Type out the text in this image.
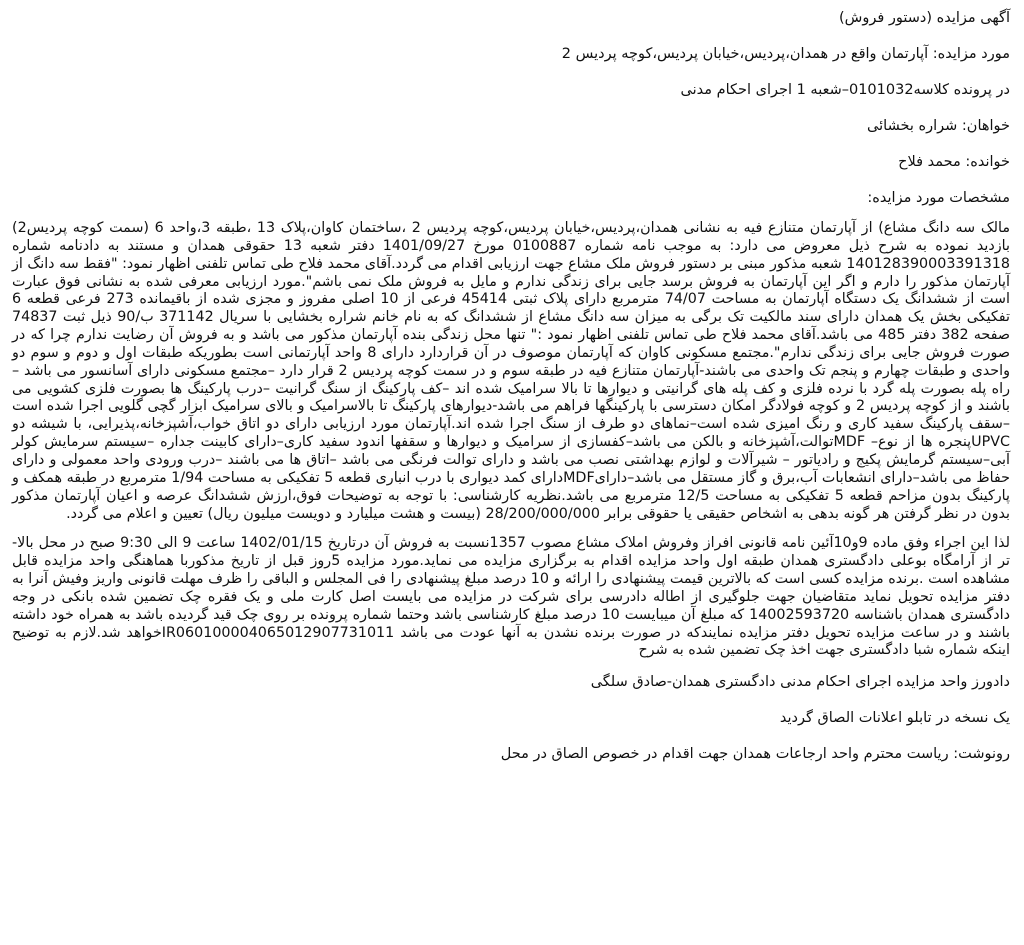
آگهی مزایده (دستور فروش)

مورد مزایده: آپارتمان واقع در همدان،پردیس،خیابان پردیس،کوچه پردیس 2

در پرونده کلاسه0101032–شعبه 1 اجرای احکام مدنی

خواهان: شراره بخشائی

خوانده: محمد فلاح

مشخصات مورد مزایده:

مالک سه دانگ مشاع) از آپارتمان متنازع فیه به نشانی همدان،پردیس،خیابان پردیس،کوچه پردیس 2 ،ساختمان کاوان،پلاک 13 ،طبقه 3،واحد 6 (سمت کوچه پردیس2) بازدید نموده به شرح ذیل معروض می دارد: به موجب نامه شماره 0100887 مورخ 1401/09/27 دفتر شعبه 13 حقوقی همدان و مستند به دادنامه شماره 140128390003391318 شعبه مذکور مبنی بر دستور فروش ملک مشاع جهت ارزیابی اقدام می گردد.آقای محمد فلاح طی تماس تلفنی اظهار نمود: "فقط سه دانگ از آپارتمان مذکور را دارم و اگر این آپارتمان به فروش برسد جایی برای زندگی ندارم و مایل به فروش ملک نمی باشم".مورد ارزیابی معرفی شده به نشانی فوق عبارت است از ششدانگ یک دستگاه آپارتمان به مساحت 74/07 مترمربع دارای پلاک ثبتی 45414 فرعی از 10 اصلی مفروز و مجزی شده از باقیمانده 273 فرعی قطعه 6 تفکیکی بخش یک همدان دارای سند مالکیت تک برگی به میزان سه دانگ مشاع از ششدانگ که به نام خانم شراره بخشایی با سریال 371142 ب/90 ذیل ثبت 74837 صفحه 382 دفتر 485 می باشد.آقای محمد فلاح طی تماس تلفنی اظهار نمود :" تنها محل زندگی بنده آپارتمان مذکور می باشد و به فروش آن رضایت ندارم چرا که در صورت فروش جایی برای زندگی ندارم".مجتمع مسکونی کاوان که آپارتمان موصوف در آن قراردارد دارای 8 واحد آپارتمانی است بطوریکه طبقات اول و دوم و سوم دو واحدی و طبقات چهارم و پنجم تک واحدی می باشند-آپارتمان متنازع فیه در طبقه سوم و در سمت کوچه پردیس 2 قرار دارد –مجتمع مسکونی دارای آسانسور می باشد –راه پله بصورت پله گرد با نرده فلزی و کف پله های گرانیتی و دیوارها تا بالا سرامیک شده اند –کف پارکینگ از سنگ گرانیت –درب پارکینگ ها بصورت فلزی کشویی می باشند و از کوچه پردیس 2 و کوچه فولادگر امکان دسترسی با پارکینگها فراهم می باشد-دیوارهای پارکینگ تا بالاسرامیک و بالای سرامیک ابزار گچی گلویی اجرا شده است –سقف پارکینگ سفید کاری و رنگ امیزی شده است–نماهای دو طرف از سنگ اجرا شده اند.آپارتمان مورد ارزیابی دارای دو اتاق خواب،آشپزخانه،پذیرایی، با شیشه دو UPVCپنجره ها از نوع– MDFتوالت،آشپزخانه و بالکن می باشد–کفسازی از سرامیک و دیوارها و سقفها اندود سفید کاری–دارای کابینت جداره –سیستم سرمایش کولر آبی–سیستم گرمایش پکیج و رادیاتور – شیرآلات و لوازم بهداشتی نصب می باشد و دارای توالت فرنگی می باشد –اتاق ها می باشند –درب ورودی واحد معمولی و دارای حفاظ می باشد–دارای انشعابات آب،برق و گاز مستقل می باشد–دارایMDFدارای کمد دیواری با درب انباری قطعه 5 تفکیکی به مساحت 1/94 مترمربع در طبقه همکف و پارکینگ بدون مزاحم قطعه 5 تفکیکی به مساحت 12/5 مترمربع می باشد.نظریه کارشناسی: با توجه به توضیحات فوق،ارزش ششدانگ عرصه و اعیان آپارتمان مذکور بدون در نظر گرفتن هر گونه بدهی به اشخاص حقیقی یا حقوقی برابر 28/200/000/000 (بیست و هشت میلیارد و دویست میلیون ریال) تعیین و اعلام می گردد.

لذا این اجراء وفق ماده 9و10آئین نامه قانونی افراز وفروش املاک مشاع مصوب 1357نسبت به فروش آن درتاریخ 1402/01/15 ساعت 9 الی 9:30 صبح در محل بالا- تر از آرامگاه بوعلی دادگستری همدان طبقه اول واحد مزایده اقدام به برگزاری مزایده می نماید.مورد مزایده 5روز قبل از تاریخ مذکوربا هماهنگی واحد مزایده قابل مشاهده است .برنده مزایده کسی است که بالاترین قیمت پیشنهادی را ارائه و 10 درصد مبلغ پیشنهادی را فی المجلس و الباقی را ظرف مهلت قانونی واریز وفیش آنرا به دفتر مزایده تحویل نماید متقاضیان جهت جلوگیری از اطاله دادرسی برای شرکت در مزایده می بایست اصل کارت ملی و یک فقره چک تضمین شده بانکی در وجه دادگستری همدان باشناسه 14002593720 که مبلغ آن میبایست 10 درصد مبلغ کارشناسی باشد وحتما شماره پرونده بر روی چک قید گردیده باشد به همراه خود داشته باشند و در ساعت مزایده تحویل دفتر مزایده نمایندکه در صورت برنده نشدن به آنها عودت می باشد IR060100004065012907731011خواهد شد.لازم به توضیح اینکه شماره شبا دادگستری جهت اخذ چک تضمین شده به شرح

دادورز واحد مزایده اجرای احکام مدنی دادگستری همدان-صادق سلگی

یک نسخه در تابلو اعلانات الصاق گردید

رونوشت: ریاست محترم واحد ارجاعات همدان جهت اقدام در خصوص الصاق در محل
